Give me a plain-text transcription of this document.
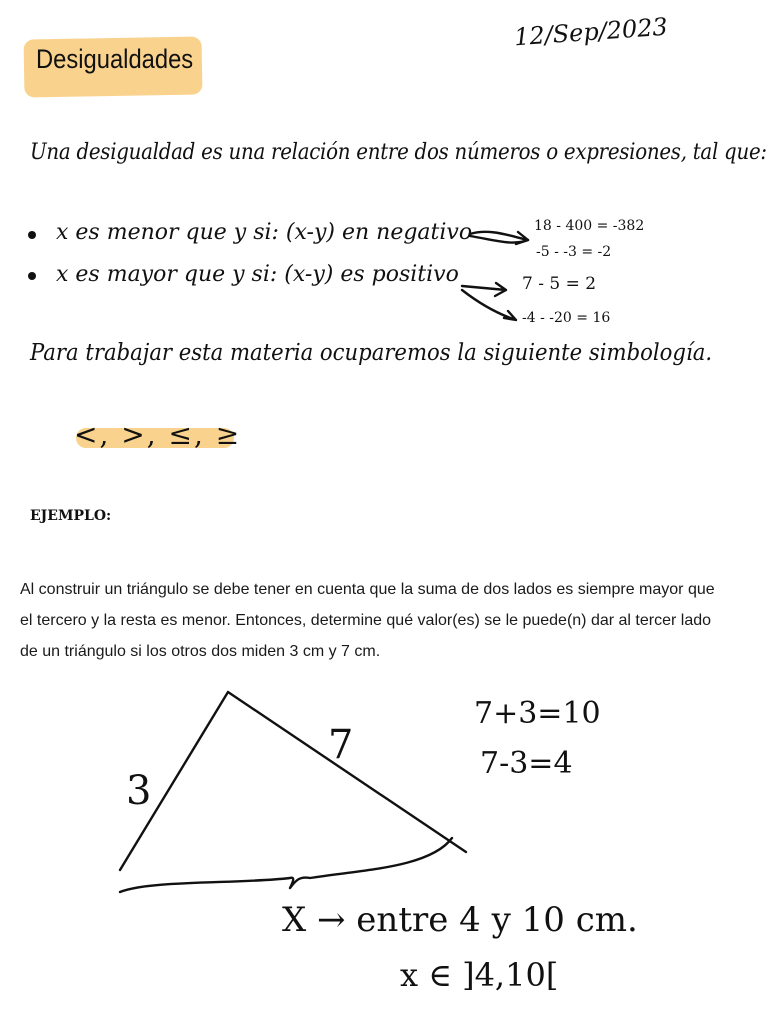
Desigualdades
12/Sep/2023
Una desigualdad es una relación entre dos números o expresiones, tal que:
x es menor que y si: (x-y) en negativo	18 - 400 = -382
-5 - -3 = -2
x es mayor que y si: (x-y) es positivo	7 - 5 = 2
-4 - -20 = 16
Para trabajar esta materia ocuparemos la siguiente simbología.
<, >, ≤, ≥
EJEMPLO:
Al construir un triángulo se debe tener en cuenta que la suma de dos lados es siempre mayor que el tercero y la resta es menor. Entonces, determine qué valor(es) se le puede(n) dar al tercer lado de un triángulo si los otros dos miden 3 cm y 7 cm.
3
7
7+3=10
7-3=4
X → entre 4 y 10 cm.
x ∈ ]4,10[
